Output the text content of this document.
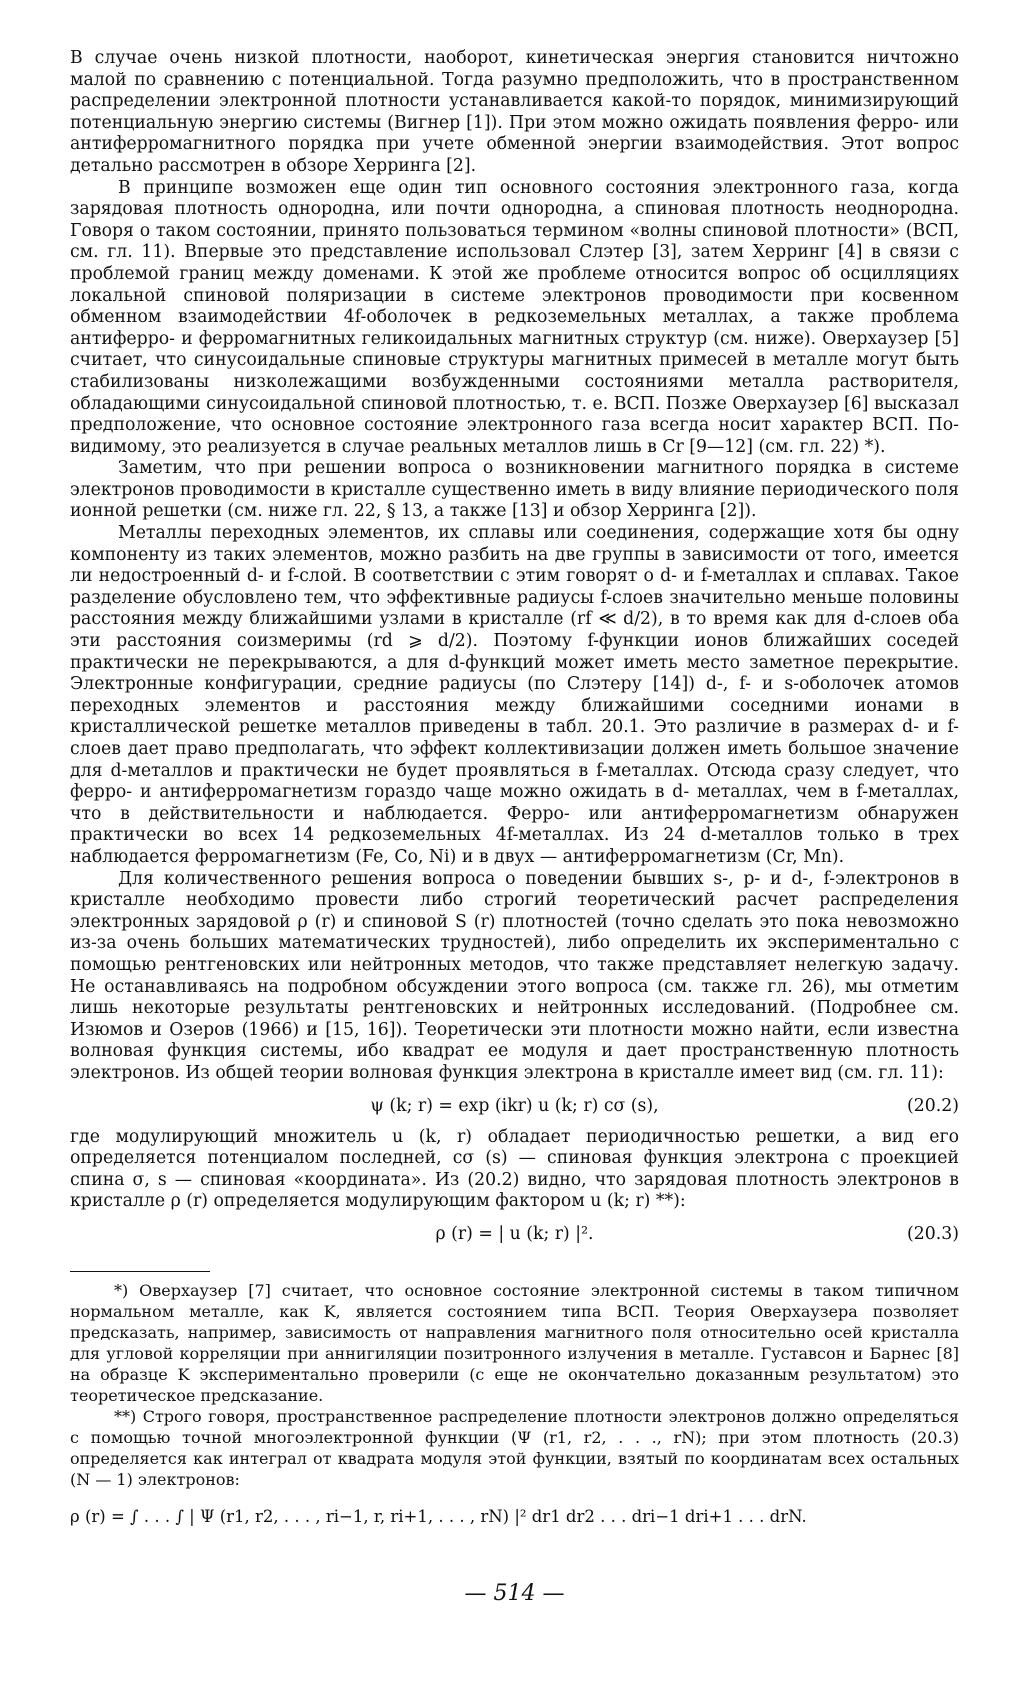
В случае очень низкой плотности, наоборот, кинетическая энергия становится ничтожно малой по сравнению с потенциальной. Тогда разумно предположить, что в пространственном распределении электронной плотности устанавливается какой-то порядок, минимизирующий потенциальную энергию системы (Вигнер [1]). При этом можно ожидать появления ферро- или антиферромагнитного порядка при учете обменной энергии взаимодействия. Этот вопрос детально рассмотрен в обзоре Херринга [2].

В принципе возможен еще один тип основного состояния электронного газа, когда зарядовая плотность однородна, или почти однородна, а спиновая плотность неоднородна. Говоря о таком состоянии, принято пользоваться термином «волны спиновой плотности» (ВСП, см. гл. 11). Впервые это представление использовал Слэтер [3], затем Херринг [4] в связи с проблемой границ между доменами. К этой же проблеме относится вопрос об осцилляциях локальной спиновой поляризации в системе электронов проводимости при косвенном обменном взаимодействии 4f-оболочек в редкоземельных металлах, а также проблема антиферро- и ферромагнитных геликоидальных магнитных структур (см. ниже). Оверхаузер [5] считает, что синусоидальные спиновые структуры магнитных примесей в металле могут быть стабилизованы низколежащими возбужденными состояниями металла растворителя, обладающими синусоидальной спиновой плотностью, т. е. ВСП. Позже Оверхаузер [6] высказал предположение, что основное состояние электронного газа всегда носит характер ВСП. По-видимому, это реализуется в случае реальных металлов лишь в Cr [9—12] (см. гл. 22) *).

Заметим, что при решении вопроса о возникновении магнитного порядка в системе электронов проводимости в кристалле существенно иметь в виду влияние периодического поля ионной решетки (см. ниже гл. 22, § 13, а также [13] и обзор Херринга [2]).

Металлы переходных элементов, их сплавы или соединения, содержащие хотя бы одну компоненту из таких элементов, можно разбить на две группы в зависимости от того, имеется ли недостроенный d- и f-слой. В соответствии с этим говорят о d- и f-металлах и сплавах. Такое разделение обусловлено тем, что эффективные радиусы f-слоев значительно меньше половины расстояния между ближайшими узлами в кристалле (rf ≪ d/2), в то время как для d-слоев оба эти расстояния соизмеримы (rd ⩾ d/2). Поэтому f-функции ионов ближайших соседей практически не перекрываются, а для d-функций может иметь место заметное перекрытие. Электронные конфигурации, средние радиусы (по Слэтеру [14]) d-, f- и s-оболочек атомов переходных элементов и расстояния между ближайшими соседними ионами в кристаллической решетке металлов приведены в табл. 20.1. Это различие в размерах d- и f-слоев дает право предполагать, что эффект коллективизации должен иметь большое значение для d-металлов и практически не будет проявляться в f-металлах. Отсюда сразу следует, что ферро- и антиферромагнетизм гораздо чаще можно ожидать в d- металлах, чем в f-металлах, что в действительности и наблюдается. Ферро- или антиферромагнетизм обнаружен практически во всех 14 редкоземельных 4f-металлах. Из 24 d-металлов только в трех наблюдается ферромагнетизм (Fe, Co, Ni) и в двух — антиферромагнетизм (Cr, Mn).

Для количественного решения вопроса о поведении бывших s-, p- и d-, f-электронов в кристалле необходимо провести либо строгий теоретический расчет распределения электронных зарядовой ρ (r) и спиновой S (r) плотностей (точно сделать это пока невозможно из-за очень больших математических трудностей), либо определить их экспериментально с помощью рентгеновских или нейтронных методов, что также представляет нелегкую задачу. Не останавливаясь на подробном обсуждении этого вопроса (см. также гл. 26), мы отметим лишь некоторые результаты рентгеновских и нейтронных исследований. (Подробнее см. Изюмов и Озеров (1966) и [15, 16]). Теоретически эти плотности можно найти, если известна волновая функция системы, ибо квадрат ее модуля и дает пространственную плотность электронов. Из общей теории волновая функция электрона в кристалле имеет вид (см. гл. 11):

ψ (k; r) = exp (ikr) u (k; r) cσ (s),	(20.2)

где модулирующий множитель u (k, r) обладает периодичностью решетки, а вид его определяется потенциалом последней, cσ (s) — спиновая функция электрона с проекцией спина σ, s — спиновая «координата». Из (20.2) видно, что зарядовая плотность электронов в кристалле ρ (r) определяется модулирующим фактором u (k; r) **):

ρ (r) = | u (k; r) |².	(20.3)

*) Оверхаузер [7] считает, что основное состояние электронной системы в таком типичном нормальном металле, как K, является состоянием типа ВСП. Теория Оверхаузера позволяет предсказать, например, зависимость от направления магнитного поля относительно осей кристалла для угловой корреляции при аннигиляции позитронного излучения в металле. Густавсон и Барнес [8] на образце K экспериментально проверили (с еще не окончательно доказанным результатом) это теоретическое предсказание.

**) Строго говоря, пространственное распределение плотности электронов должно определяться с помощью точной многоэлектронной функции (Ψ (r1, r2, . . ., rN); при этом плотность (20.3) определяется как интеграл от квадрата модуля этой функции, взятый по координатам всех остальных (N — 1) электронов:

ρ (r) = ∫ . . . ∫ | Ψ (r1, r2, . . . , ri−1, r, ri+1, . . . , rN) |² dr1 dr2 . . . dri−1 dri+1 . . . drN.
— 514 —
